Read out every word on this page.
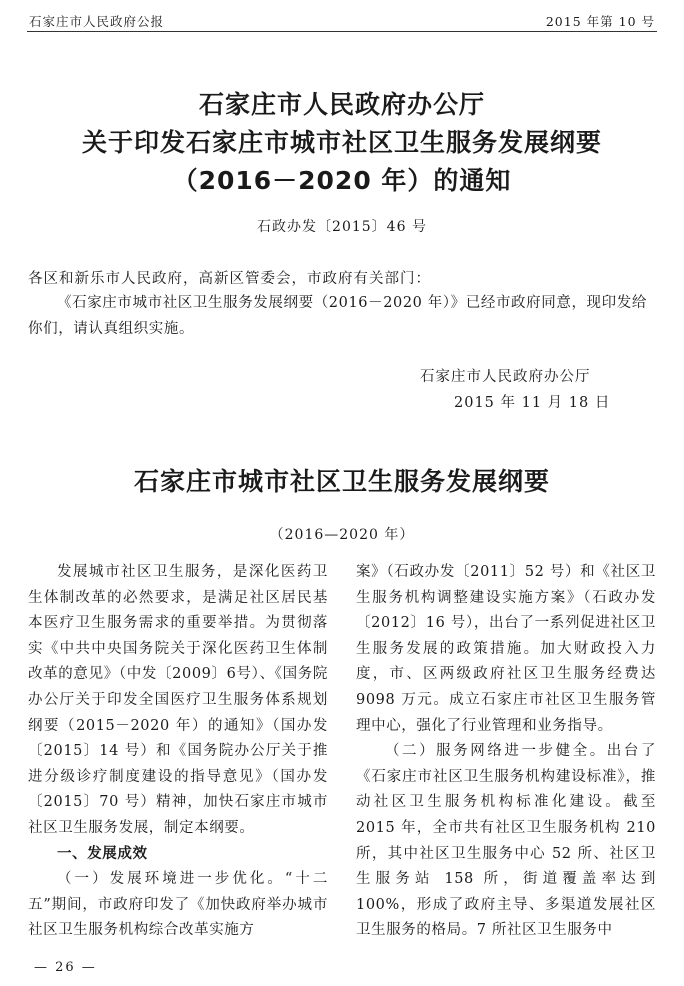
石家庄市人民政府公报	2015 年第 10 号
石家庄市人民政府办公厅
关于印发石家庄市城市社区卫生服务发展纲要
（2016－2020 年）的通知
石政办发〔2015〕46 号
各区和新乐市人民政府，高新区管委会，市政府有关部门：
《石家庄市城市社区卫生服务发展纲要（2016－2020 年）》已经市政府同意，现印发给你们，请认真组织实施。
石家庄市人民政府办公厅
2015 年 11 月 18 日
石家庄市城市社区卫生服务发展纲要
（2016—2020 年）

发展城市社区卫生服务，是深化医药卫生体制改革的必然要求，是满足社区居民基本医疗卫生服务需求的重要举措。为贯彻落实《中共中央国务院关于深化医药卫生体制改革的意见》（中发〔2009〕6号）、《国务院办公厅关于印发全国医疗卫生服务体系规划纲要（2015－2020 年）的通知》（国办发〔2015〕14 号）和《国务院办公厅关于推进分级诊疗制度建设的指导意见》（国办发〔2015〕70 号）精神，加快石家庄市城市社区卫生服务发展，制定本纲要。

一、发展成效

（一）发展环境进一步优化。“十二五”期间，市政府印发了《加快政府举办城市社区卫生服务机构综合改革实施方

案》（石政办发〔2011〕52 号）和《社区卫生服务机构调整建设实施方案》（石政办发〔2012〕16 号），出台了一系列促进社区卫生服务发展的政策措施。加大财政投入力度，市、区两级政府社区卫生服务经费达 9098 万元。成立石家庄市社区卫生服务管理中心，强化了行业管理和业务指导。

（二）服务网络进一步健全。出台了《石家庄市社区卫生服务机构建设标准》，推动社区卫生服务机构标准化建设。截至 2015 年，全市共有社区卫生服务机构 210 所，其中社区卫生服务中心 52 所、社区卫生服务站 158 所，街道覆盖率达到 100%，形成了政府主导、多渠道发展社区卫生服务的格局。7 所社区卫生服务中

— 26 —
